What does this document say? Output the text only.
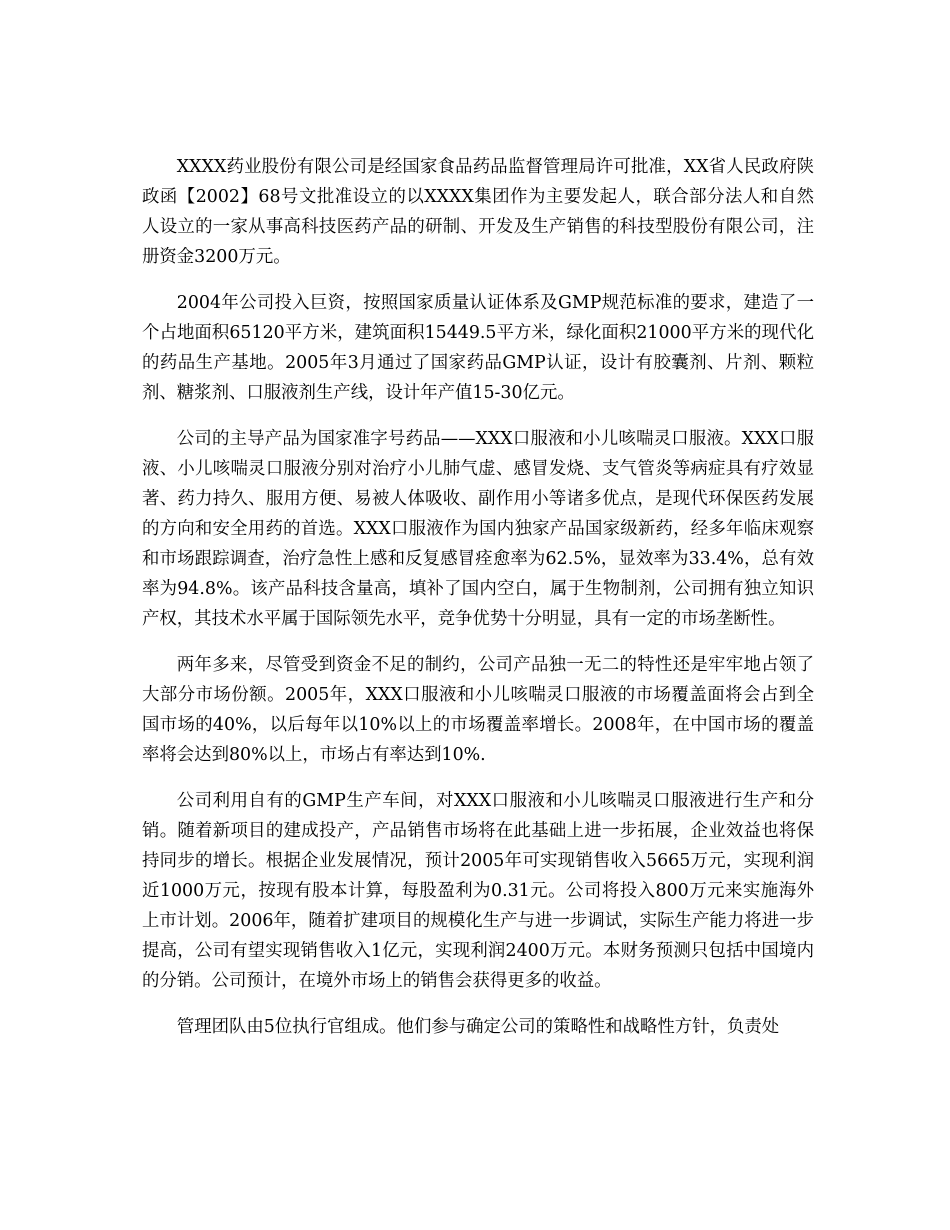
XXXX药业股份有限公司是经国家食品药品监督管理局许可批准，XX省人民政府陕政函【2002】68号文批准设立的以XXXX集团作为主要发起人，联合部分法人和自然人设立的一家从事高科技医药产品的研制、开发及生产销售的科技型股份有限公司，注册资金3200万元。

2004年公司投入巨资，按照国家质量认证体系及GMP规范标准的要求，建造了一个占地面积65120平方米，建筑面积15449.5平方米，绿化面积21000平方米的现代化的药品生产基地。2005年3月通过了国家药品GMP认证，设计有胶囊剂、片剂、颗粒剂、糖浆剂、口服液剂生产线，设计年产值15-30亿元。

公司的主导产品为国家准字号药品——XXX口服液和小儿咳喘灵口服液。XXX口服液、小儿咳喘灵口服液分别对治疗小儿肺气虚、感冒发烧、支气管炎等病症具有疗效显著、药力持久、服用方便、易被人体吸收、副作用小等诸多优点，是现代环保医药发展的方向和安全用药的首选。XXX口服液作为国内独家产品国家级新药，经多年临床观察和市场跟踪调查，治疗急性上感和反复感冒痊愈率为62.5%，显效率为33.4%，总有效率为94.8%。该产品科技含量高，填补了国内空白，属于生物制剂，公司拥有独立知识产权，其技术水平属于国际领先水平，竞争优势十分明显，具有一定的市场垄断性。

两年多来，尽管受到资金不足的制约，公司产品独一无二的特性还是牢牢地占领了大部分市场份额。2005年，XXX口服液和小儿咳喘灵口服液的市场覆盖面将会占到全国市场的40%，以后每年以10%以上的市场覆盖率增长。2008年，在中国市场的覆盖率将会达到80%以上，市场占有率达到10%.

公司利用自有的GMP生产车间，对XXX口服液和小儿咳喘灵口服液进行生产和分销。随着新项目的建成投产，产品销售市场将在此基础上进一步拓展，企业效益也将保持同步的增长。根据企业发展情况，预计2005年可实现销售收入5665万元，实现利润近1000万元，按现有股本计算，每股盈利为0.31元。公司将投入800万元来实施海外上市计划。2006年，随着扩建项目的规模化生产与进一步调试，实际生产能力将进一步提高，公司有望实现销售收入1亿元，实现利润2400万元。本财务预测只包括中国境内的分销。公司预计，在境外市场上的销售会获得更多的收益。

管理团队由5位执行官组成。他们参与确定公司的策略性和战略性方针，负责处
